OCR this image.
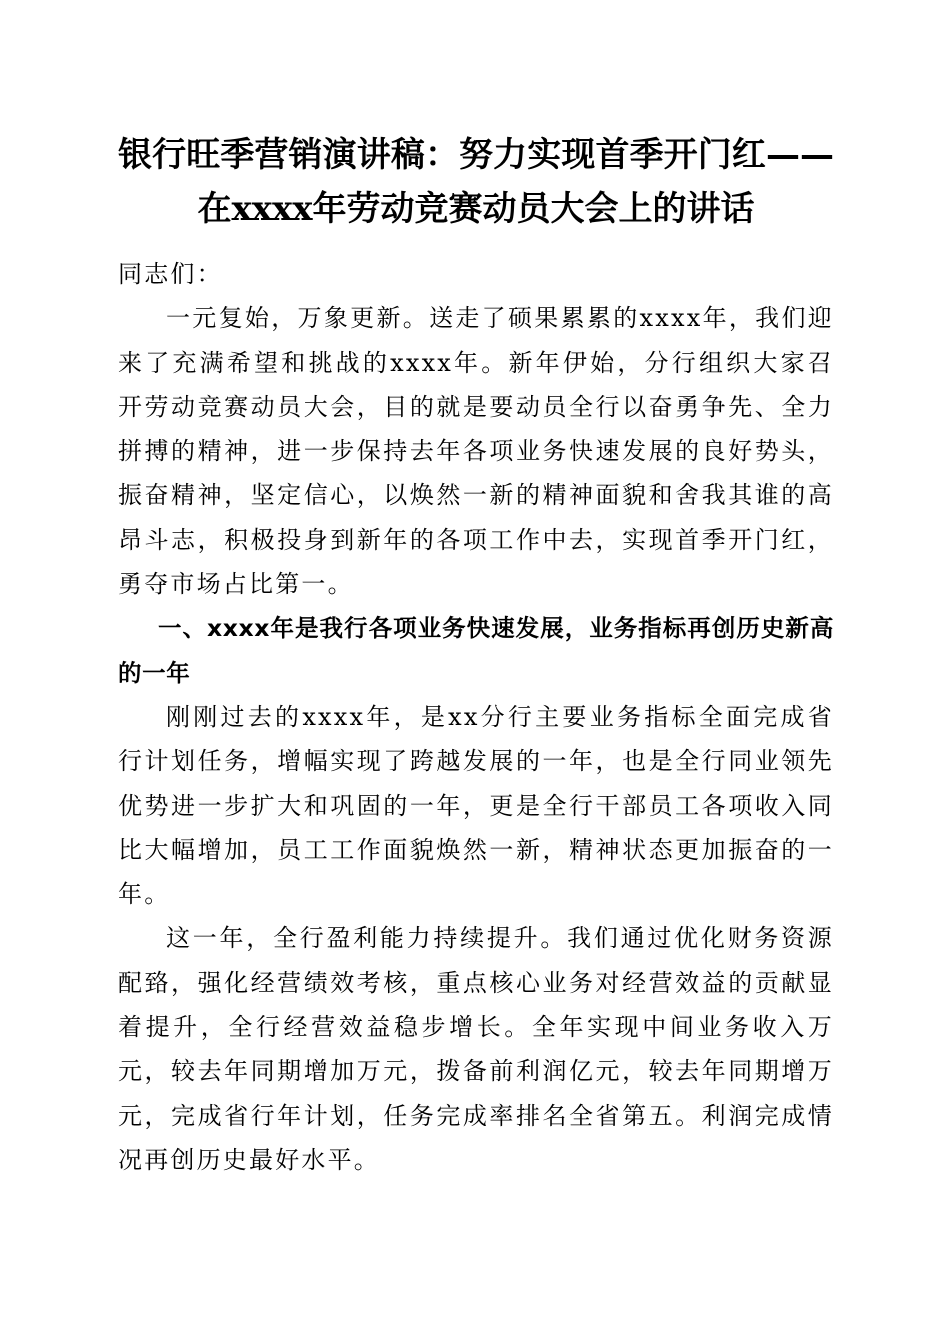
银行旺季营销演讲稿：努力实现首季开门红——在xxxx年劳动竞赛动员大会上的讲话

同志们：

一元复始，万象更新。送走了硕果累累的xxxx年，我们迎来了充满希望和挑战的xxxx年。新年伊始，分行组织大家召开劳动竞赛动员大会，目的就是要动员全行以奋勇争先、全力拼搏的精神，进一步保持去年各项业务快速发展的良好势头，振奋精神，坚定信心，以焕然一新的精神面貌和舍我其谁的高昂斗志，积极投身到新年的各项工作中去，实现首季开门红，勇夺市场占比第一。

一、xxxx年是我行各项业务快速发展，业务指标再创历史新高的一年

刚刚过去的xxxx年，是xx分行主要业务指标全面完成省行计划任务，增幅实现了跨越发展的一年，也是全行同业领先优势进一步扩大和巩固的一年，更是全行干部员工各项收入同比大幅增加，员工工作面貌焕然一新，精神状态更加振奋的一年。

这一年，全行盈利能力持续提升。我们通过优化财务资源配臵，强化经营绩效考核，重点核心业务对经营效益的贡献显着提升，全行经营效益稳步增长。全年实现中间业务收入万元，较去年同期增加万元，拨备前利润亿元，较去年同期增万元，完成省行年计划，任务完成率排名全省第五。利润完成情况再创历史最好水平。
